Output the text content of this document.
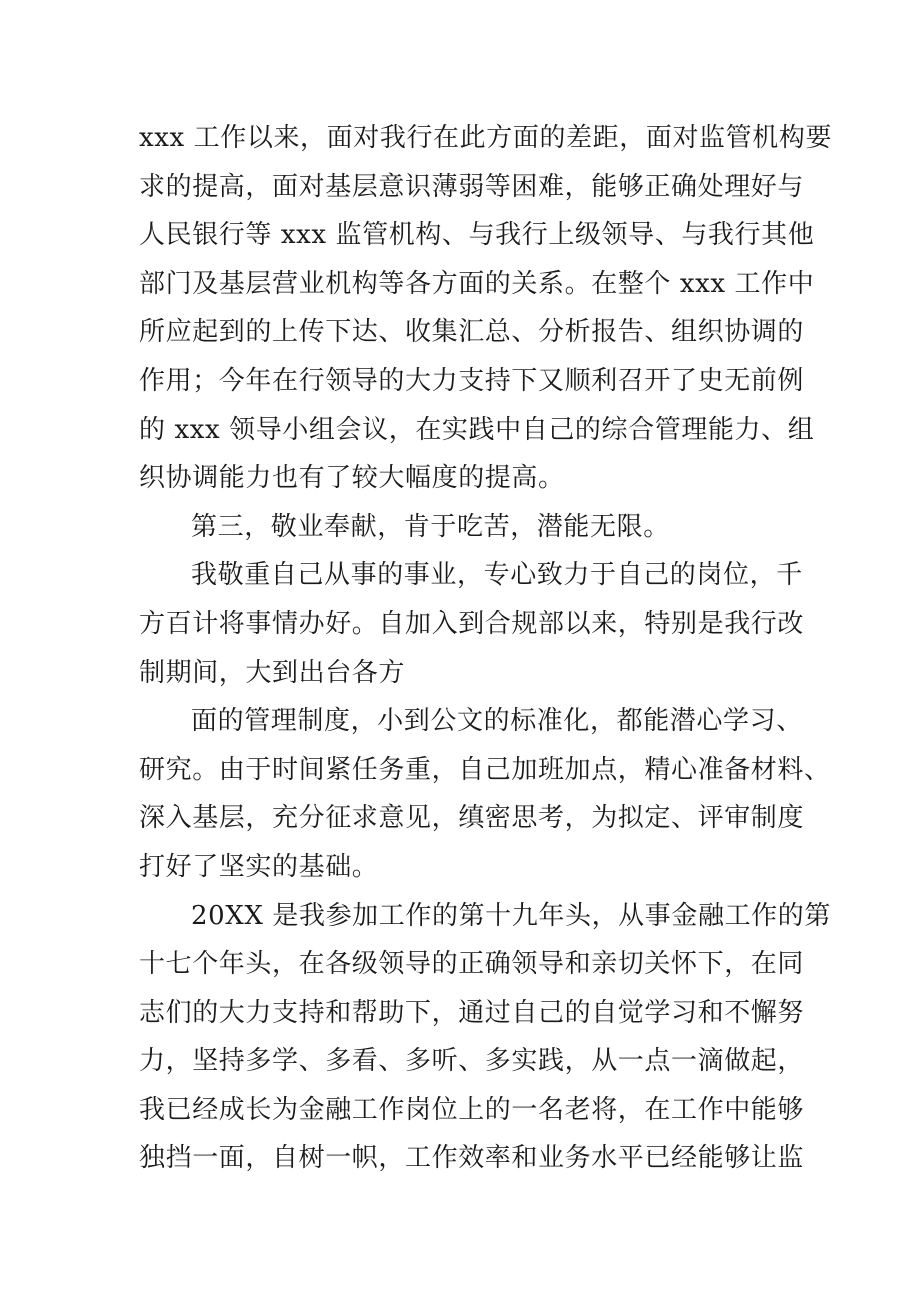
xxx 工作以来，面对我行在此方面的差距，面对监管机构要
求的提高，面对基层意识薄弱等困难，能够正确处理好与
人民银行等 xxx 监管机构、与我行上级领导、与我行其他
部门及基层营业机构等各方面的关系。在整个 xxx 工作中
所应起到的上传下达、收集汇总、分析报告、组织协调的
作用；今年在行领导的大力支持下又顺利召开了史无前例
的 xxx 领导小组会议，在实践中自己的综合管理能力、组
织协调能力也有了较大幅度的提高。
第三，敬业奉献，肯于吃苦，潜能无限。
我敬重自己从事的事业，专心致力于自己的岗位，千
方百计将事情办好。自加入到合规部以来，特别是我行改
制期间，大到出台各方
面的管理制度，小到公文的标准化，都能潜心学习、
研究。由于时间紧任务重，自己加班加点，精心准备材料、
深入基层，充分征求意见，缜密思考，为拟定、评审制度
打好了坚实的基础。
20XX 是我参加工作的第十九年头，从事金融工作的第
十七个年头，在各级领导的正确领导和亲切关怀下，在同
志们的大力支持和帮助下，通过自己的自觉学习和不懈努
力，坚持多学、多看、多听、多实践，从一点一滴做起，
我已经成长为金融工作岗位上的一名老将，在工作中能够
独挡一面，自树一帜，工作效率和业务水平已经能够让监
